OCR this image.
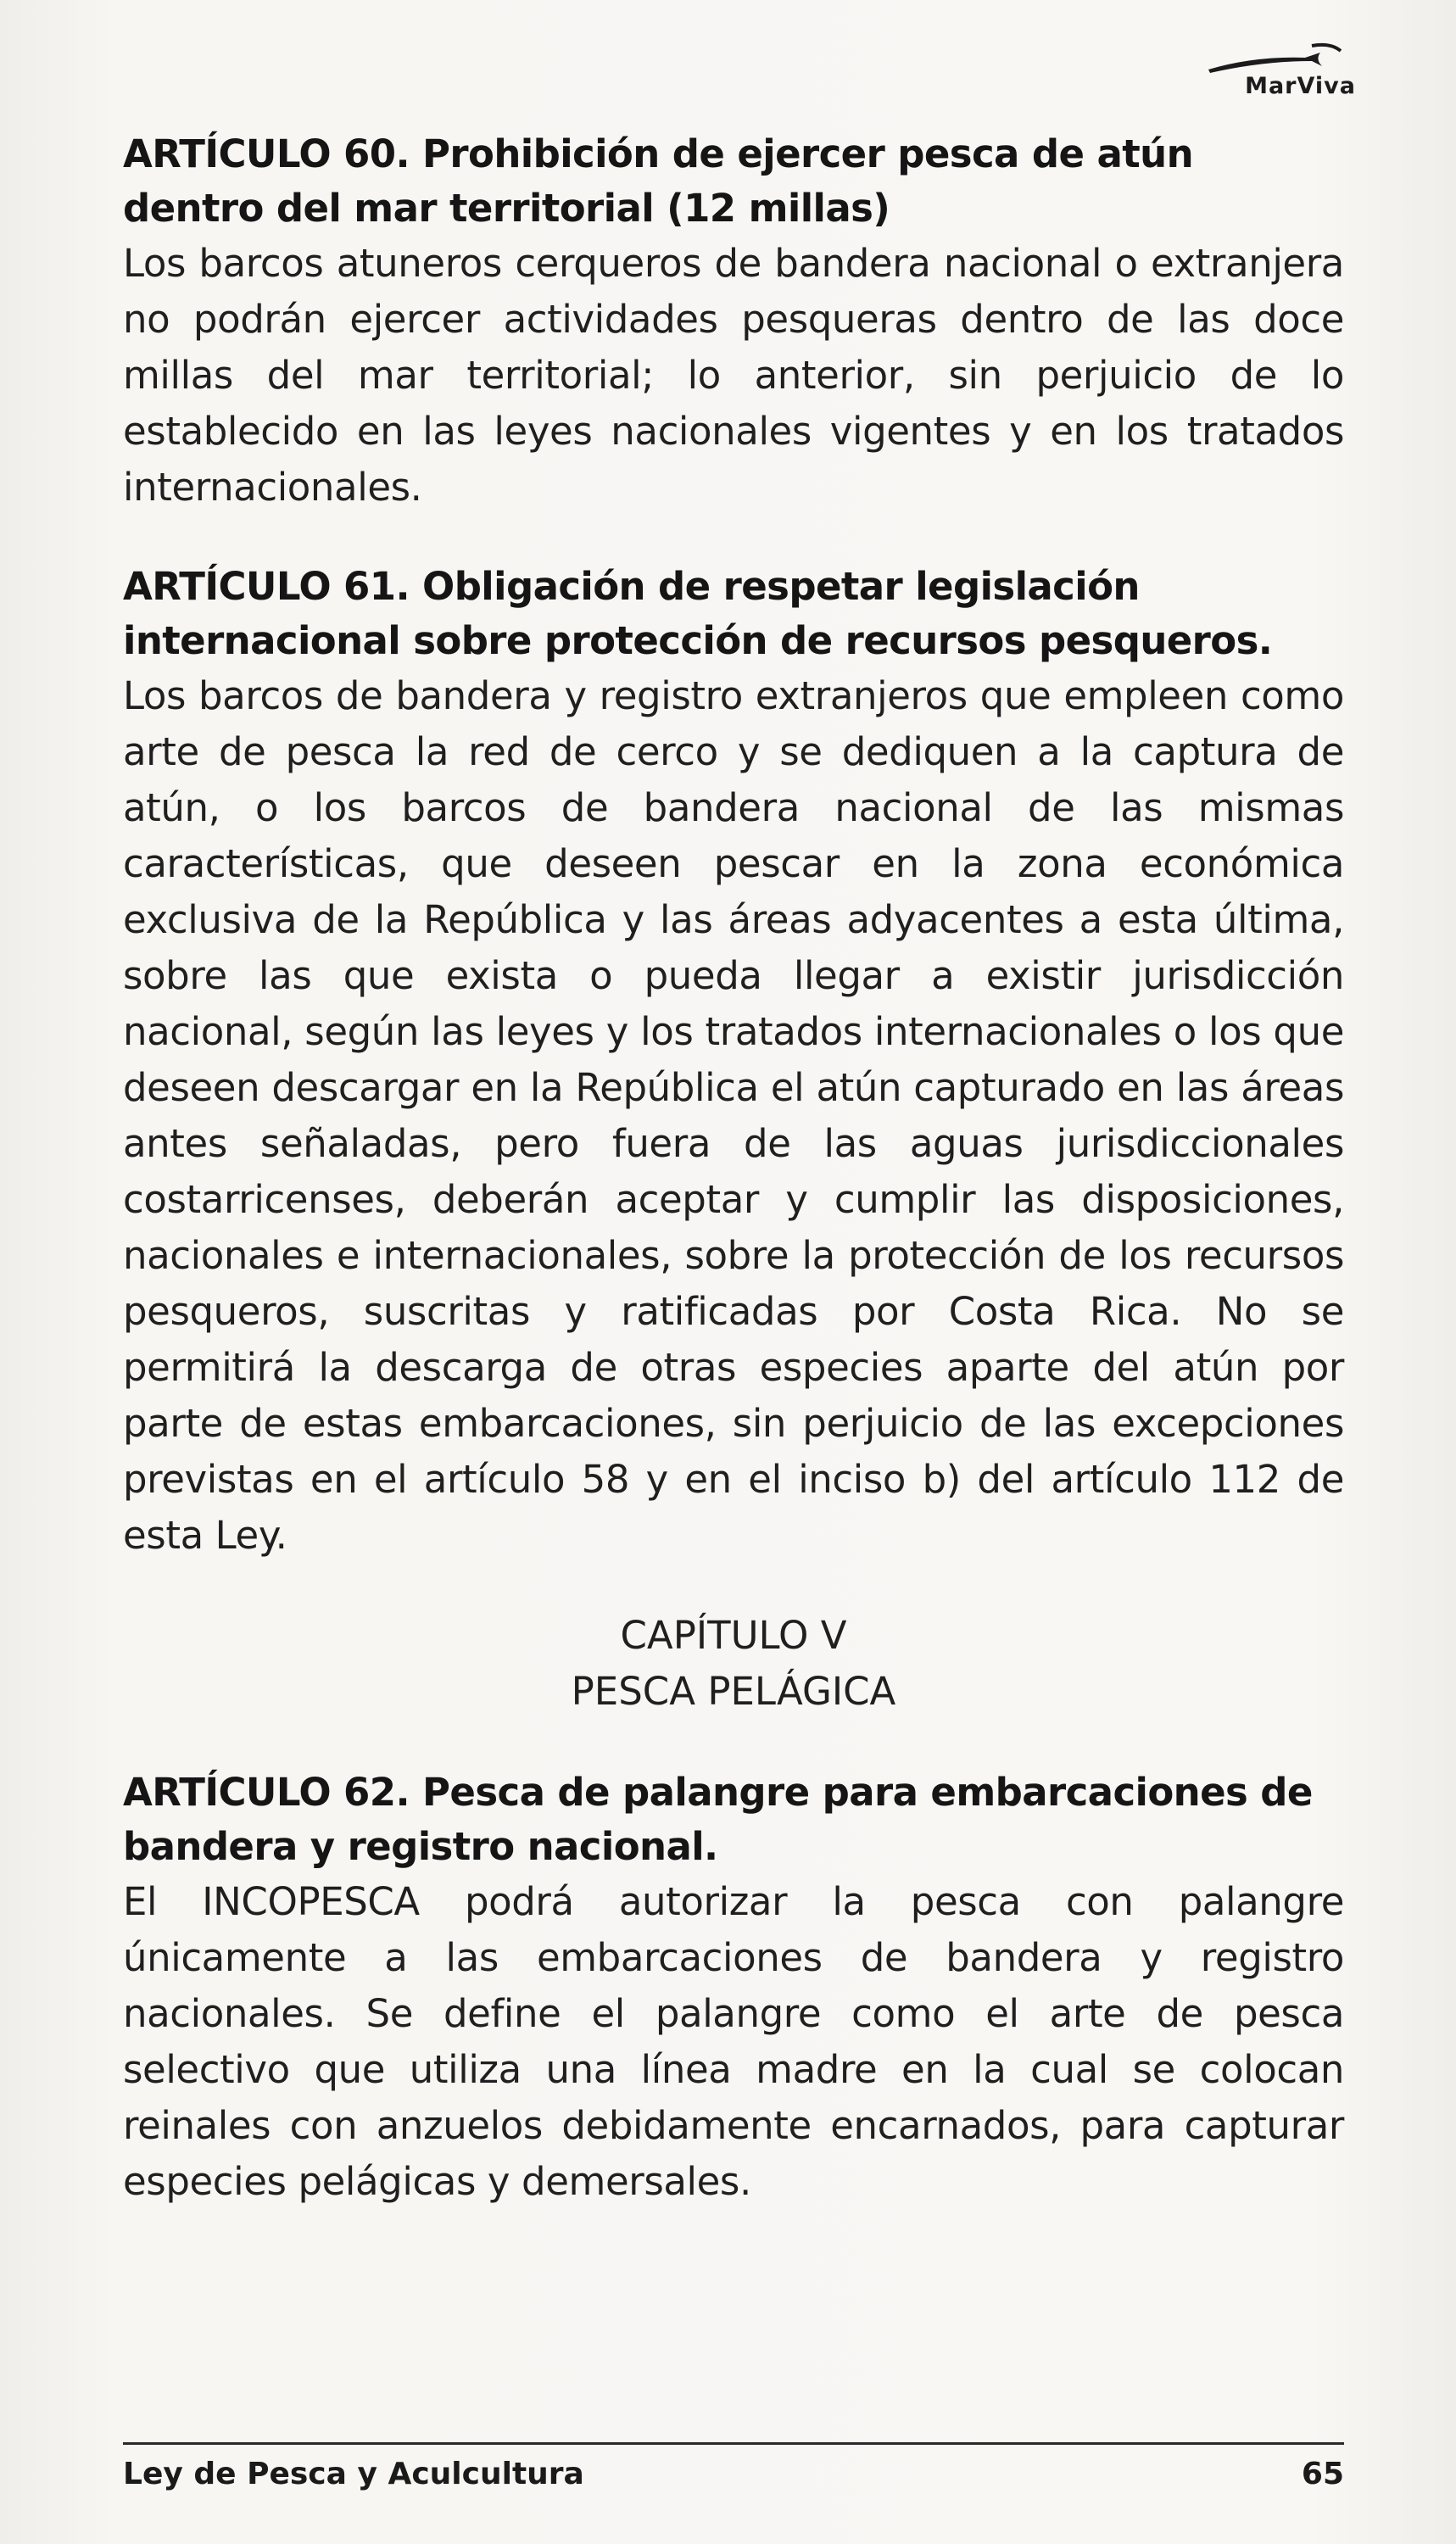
MarViva
ARTÍCULO 60. Prohibición de ejercer pesca de atún dentro del mar territorial (12 millas)
Los barcos atuneros cerqueros de bandera nacional o extranjera no podrán ejercer actividades pesqueras dentro de las doce millas del mar territorial; lo anterior, sin perjuicio de lo establecido en las leyes nacionales vigentes y en los tratados internacionales.
ARTÍCULO 61. Obligación de respetar legislación internacional sobre protección de recursos pesqueros.
Los barcos de bandera y registro extranjeros que empleen como arte de pesca la red de cerco y se dediquen a la captura de atún, o los barcos de bandera nacional de las mismas características, que deseen pescar en la zona económica exclusiva de la República y las áreas adyacentes a esta última, sobre las que exista o pueda llegar a existir jurisdicción nacional, según las leyes y los tratados internacionales o los que deseen descargar en la República el atún capturado en las áreas antes señaladas, pero fuera de las aguas jurisdiccionales costarricenses, deberán aceptar y cumplir las disposiciones, nacionales e internacionales, sobre la protección de los recursos pesqueros, suscritas y ratificadas por Costa Rica. No se permitirá la descarga de otras especies aparte del atún por parte de estas embarcaciones, sin perjuicio de las excepciones previstas en el artículo 58 y en el inciso b) del artículo 112 de esta Ley.
CAPÍTULO V
PESCA PELÁGICA
ARTÍCULO 62. Pesca de palangre para embarcaciones de bandera y registro nacional.
El INCOPESCA podrá autorizar la pesca con palangre únicamente a las embarcaciones de bandera y registro nacionales. Se define el palangre como el arte de pesca selectivo que utiliza una línea madre en la cual se colocan reinales con anzuelos debidamente encarnados, para capturar especies pelágicas y demersales.
Ley de Pesca y Aculcultura	65
